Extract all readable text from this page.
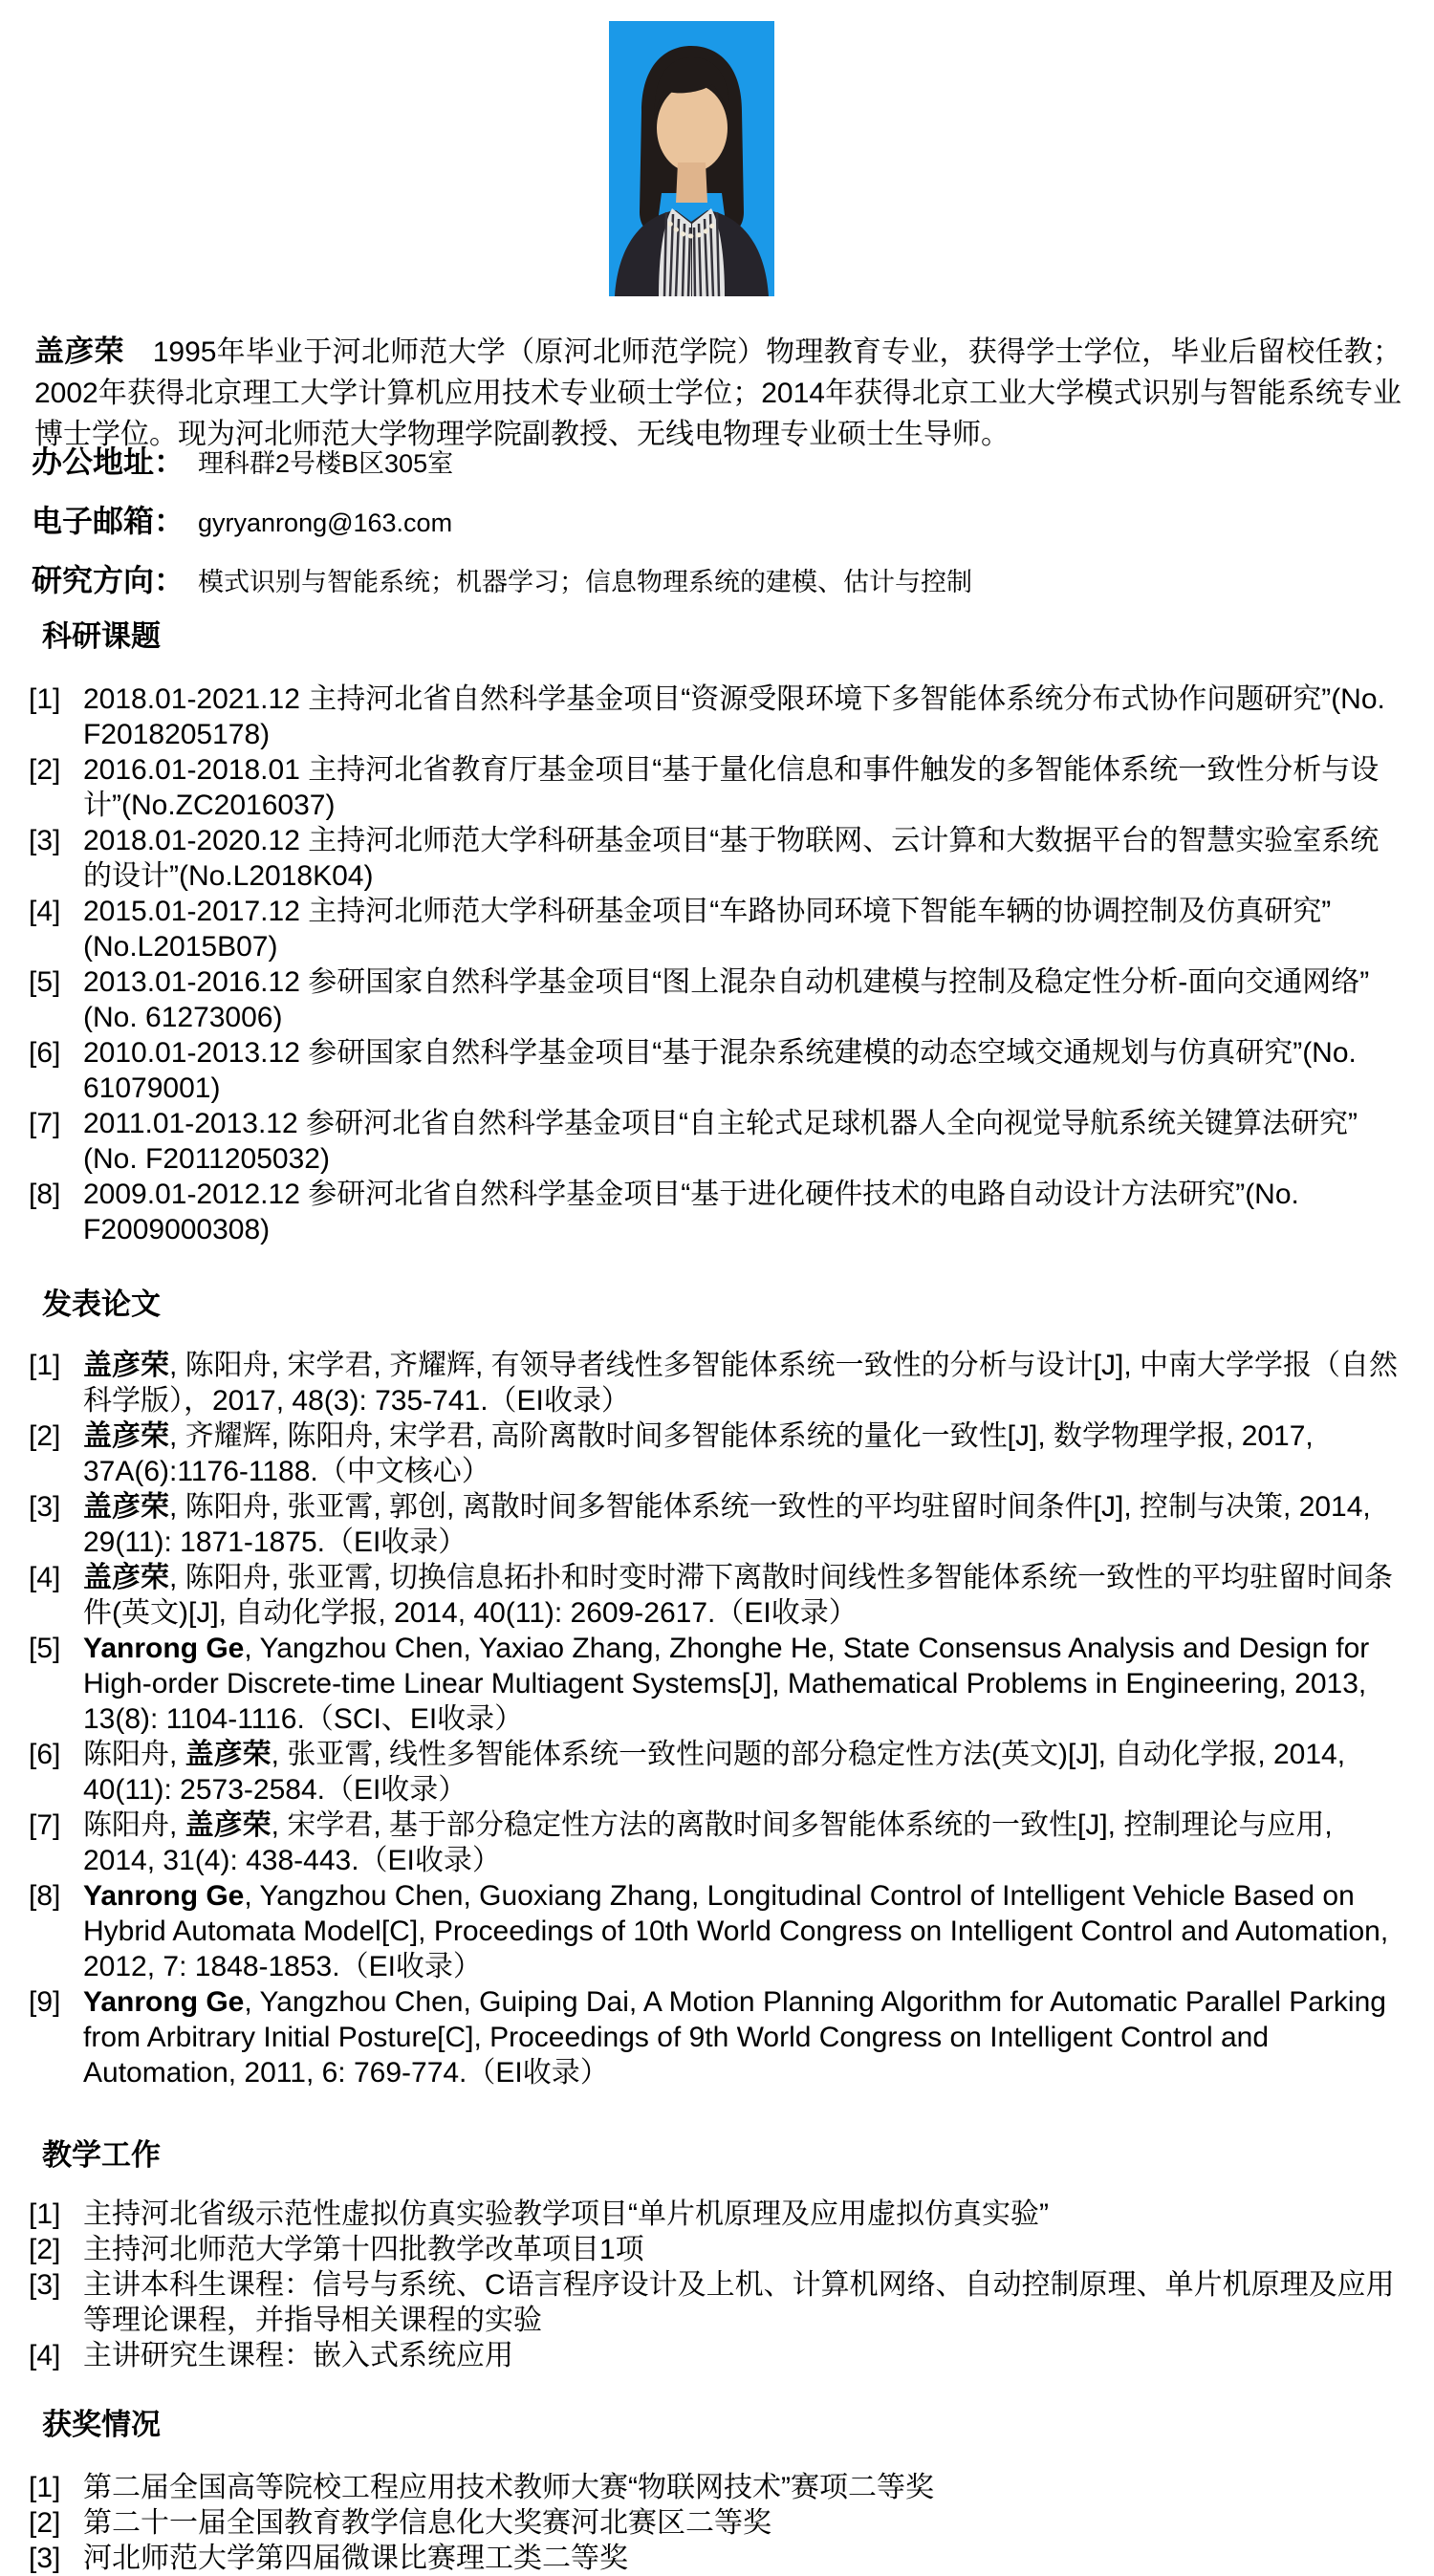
盖彦荣 1995年毕业于河北师范大学（原河北师范学院）物理教育专业，获得学士学位，毕业后留校任教；2002年获得北京理工大学计算机应用技术专业硕士学位；2014年获得北京工业大学模式识别与智能系统专业博士学位。现为河北师范大学物理学院副教授、无线电物理专业硕士生导师。

办公地址： 理科群2号楼B区305室
电子邮箱： gyryanrong@163.com
研究方向： 模式识别与智能系统；机器学习；信息物理系统的建模、估计与控制
科研课题
[1] 2018.01-2021.12 主持河北省自然科学基金项目“资源受限环境下多智能体系统分布式协作问题研究”(No. F2018205178)
[2] 2016.01-2018.01 主持河北省教育厅基金项目“基于量化信息和事件触发的多智能体系统一致性分析与设计”(No.ZC2016037)
[3] 2018.01-2020.12 主持河北师范大学科研基金项目“基于物联网、云计算和大数据平台的智慧实验室系统的设计”(No.L2018K04)
[4] 2015.01-2017.12 主持河北师范大学科研基金项目“车路协同环境下智能车辆的协调控制及仿真研究”(No.L2015B07)
[5] 2013.01-2016.12 参研国家自然科学基金项目“图上混杂自动机建模与控制及稳定性分析-面向交通网络”(No. 61273006)
[6] 2010.01-2013.12 参研国家自然科学基金项目“基于混杂系统建模的动态空域交通规划与仿真研究”(No. 61079001)
[7] 2011.01-2013.12 参研河北省自然科学基金项目“自主轮式足球机器人全向视觉导航系统关键算法研究”(No. F2011205032)
[8] 2009.01-2012.12 参研河北省自然科学基金项目“基于进化硬件技术的电路自动设计方法研究”(No. F2009000308)
发表论文
[1] 盖彦荣, 陈阳舟, 宋学君, 齐耀辉, 有领导者线性多智能体系统一致性的分析与设计[J], 中南大学学报（自然科学版），2017, 48(3): 735-741.（EI收录）
[2] 盖彦荣, 齐耀辉, 陈阳舟, 宋学君, 高阶离散时间多智能体系统的量化一致性[J], 数学物理学报, 2017, 37A(6):1176-1188.（中文核心）
[3] 盖彦荣, 陈阳舟, 张亚霄, 郭创, 离散时间多智能体系统一致性的平均驻留时间条件[J], 控制与决策, 2014, 29(11): 1871-1875.（EI收录）
[4] 盖彦荣, 陈阳舟, 张亚霄, 切换信息拓扑和时变时滞下离散时间线性多智能体系统一致性的平均驻留时间条件(英文)[J], 自动化学报, 2014, 40(11): 2609-2617.（EI收录）
[5] Yanrong Ge, Yangzhou Chen, Yaxiao Zhang, Zhonghe He, State Consensus Analysis and Design for High-order Discrete-time Linear Multiagent Systems[J], Mathematical Problems in Engineering, 2013, 13(8): 1104-1116.（SCI、EI收录）
[6] 陈阳舟, 盖彦荣, 张亚霄, 线性多智能体系统一致性问题的部分稳定性方法(英文)[J], 自动化学报, 2014, 40(11): 2573-2584.（EI收录）
[7] 陈阳舟, 盖彦荣, 宋学君, 基于部分稳定性方法的离散时间多智能体系统的一致性[J], 控制理论与应用, 2014, 31(4): 438-443.（EI收录）
[8] Yanrong Ge, Yangzhou Chen, Guoxiang Zhang, Longitudinal Control of Intelligent Vehicle Based on Hybrid Automata Model[C], Proceedings of 10th World Congress on Intelligent Control and Automation, 2012, 7: 1848-1853.（EI收录）
[9] Yanrong Ge, Yangzhou Chen, Guiping Dai, A Motion Planning Algorithm for Automatic Parallel Parking from Arbitrary Initial Posture[C], Proceedings of 9th World Congress on Intelligent Control and Automation, 2011, 6: 769-774.（EI收录）
教学工作
[1] 主持河北省级示范性虚拟仿真实验教学项目“单片机原理及应用虚拟仿真实验”
[2] 主持河北师范大学第十四批教学改革项目1项
[3] 主讲本科生课程：信号与系统、C语言程序设计及上机、计算机网络、自动控制原理、单片机原理及应用等理论课程，并指导相关课程的实验
[4] 主讲研究生课程：嵌入式系统应用
获奖情况
[1] 第二届全国高等院校工程应用技术教师大赛“物联网技术”赛项二等奖
[2] 第二十一届全国教育教学信息化大奖赛河北赛区二等奖
[3] 河北师范大学第四届微课比赛理工类二等奖
